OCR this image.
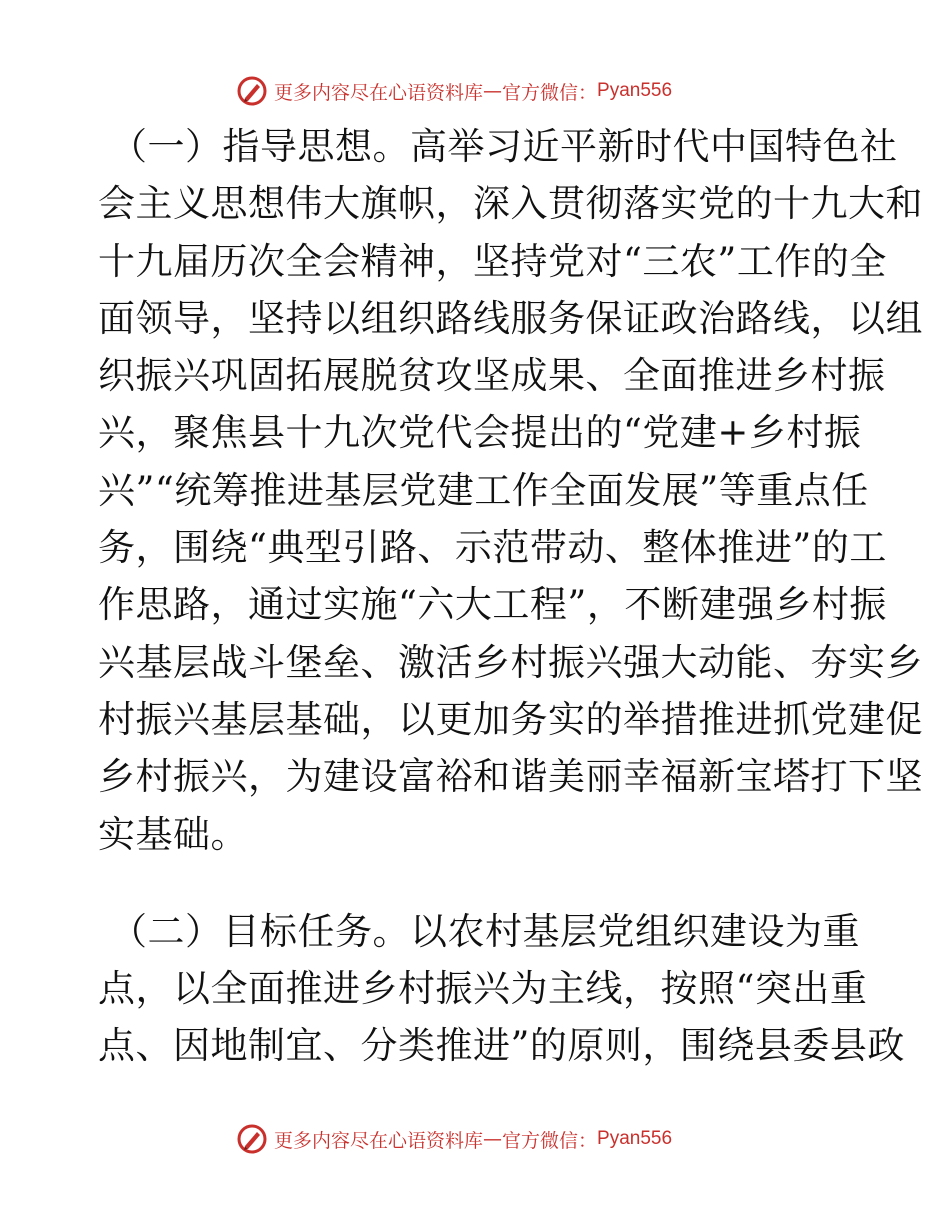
更多内容尽在心语资料库 — 官方微信： Pyan556
（一）指导思想。高举习近平新时代中国特色社
会主义思想伟大旗帜，深入贯彻落实党的十九大和
十九届历次全会精神，坚持党对“三农”工作的全
面领导，坚持以组织路线服务保证政治路线，以组
织振兴巩固拓展脱贫攻坚成果、全面推进乡村振
兴，聚焦县十九次党代会提出的“党建+乡村振
兴”“统筹推进基层党建工作全面发展”等重点任
务，围绕“典型引路、示范带动、整体推进”的工
作思路，通过实施“六大工程”，不断建强乡村振
兴基层战斗堡垒、激活乡村振兴强大动能、夯实乡
村振兴基层基础，以更加务实的举措推进抓党建促
乡村振兴，为建设富裕和谐美丽幸福新宝塔打下坚
实基础。
（二）目标任务。以农村基层党组织建设为重
点，以全面推进乡村振兴为主线，按照“突出重
点、因地制宜、分类推进”的原则，围绕县委县政
更多内容尽在心语资料库 — 官方微信： Pyan556
